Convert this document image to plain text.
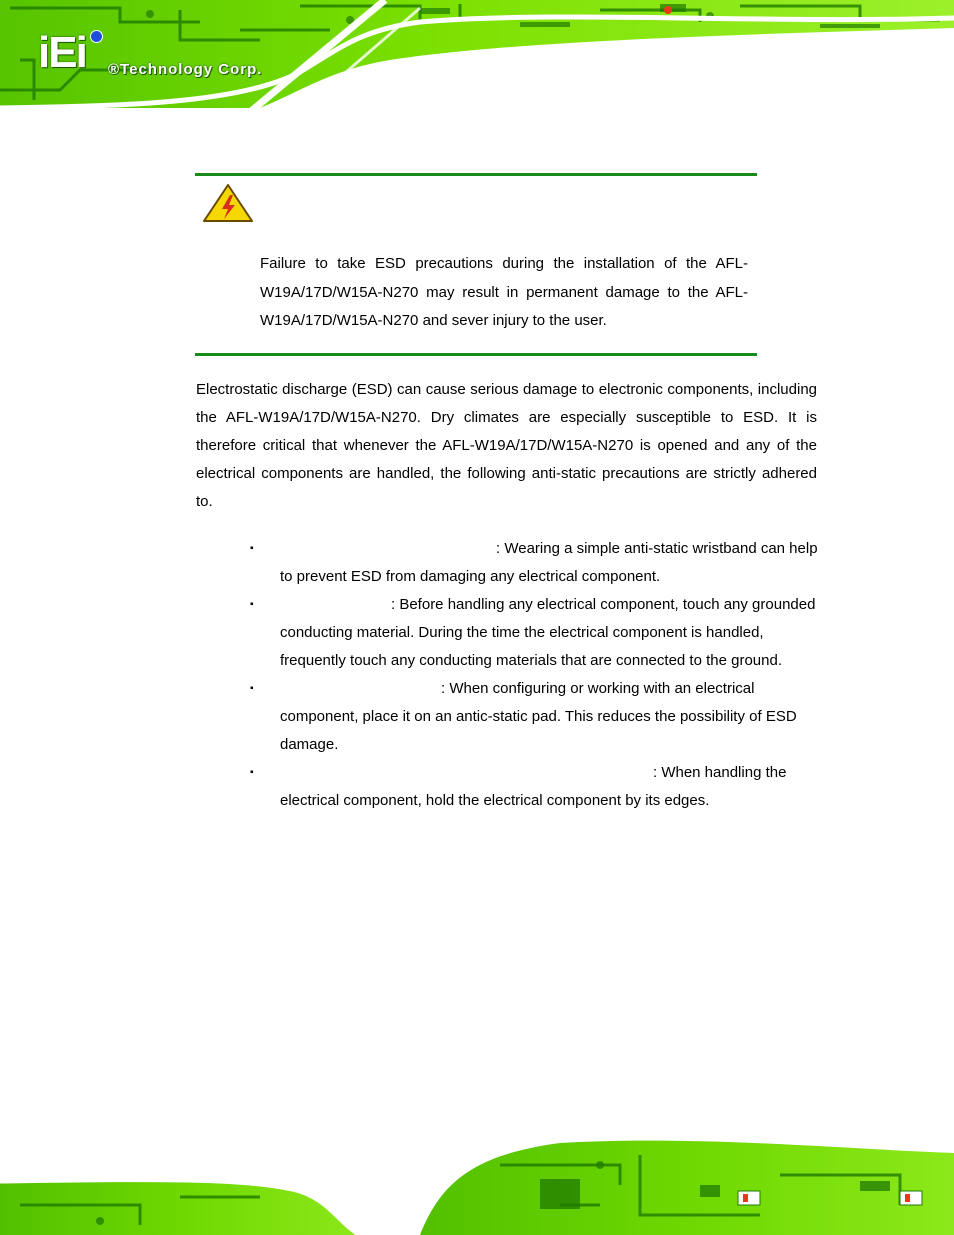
iEi	®Technology Corp.
Failure to take ESD precautions during the installation of the AFL-W19A/17D/W15A-N270 may result in permanent damage to the AFL-W19A/17D/W15A-N270 and sever injury to the user.
Electrostatic discharge (ESD) can cause serious damage to electronic components, including the AFL-W19A/17D/W15A-N270. Dry climates are especially susceptible to ESD. It is therefore critical that whenever the AFL-W19A/17D/W15A-N270 is opened and any of the electrical components are handled, the following anti-static precautions are strictly adhered to.
▪	: Wearing a simple anti-static wristband can help to prevent ESD from damaging any electrical component.
▪	: Before handling any electrical component, touch any grounded conducting material. During the time the electrical component is handled, frequently touch any conducting materials that are connected to the ground.
▪	: When configuring or working with an electrical component, place it on an antic-static pad. This reduces the possibility of ESD damage.
▪	: When handling the electrical component, hold the electrical component by its edges.
